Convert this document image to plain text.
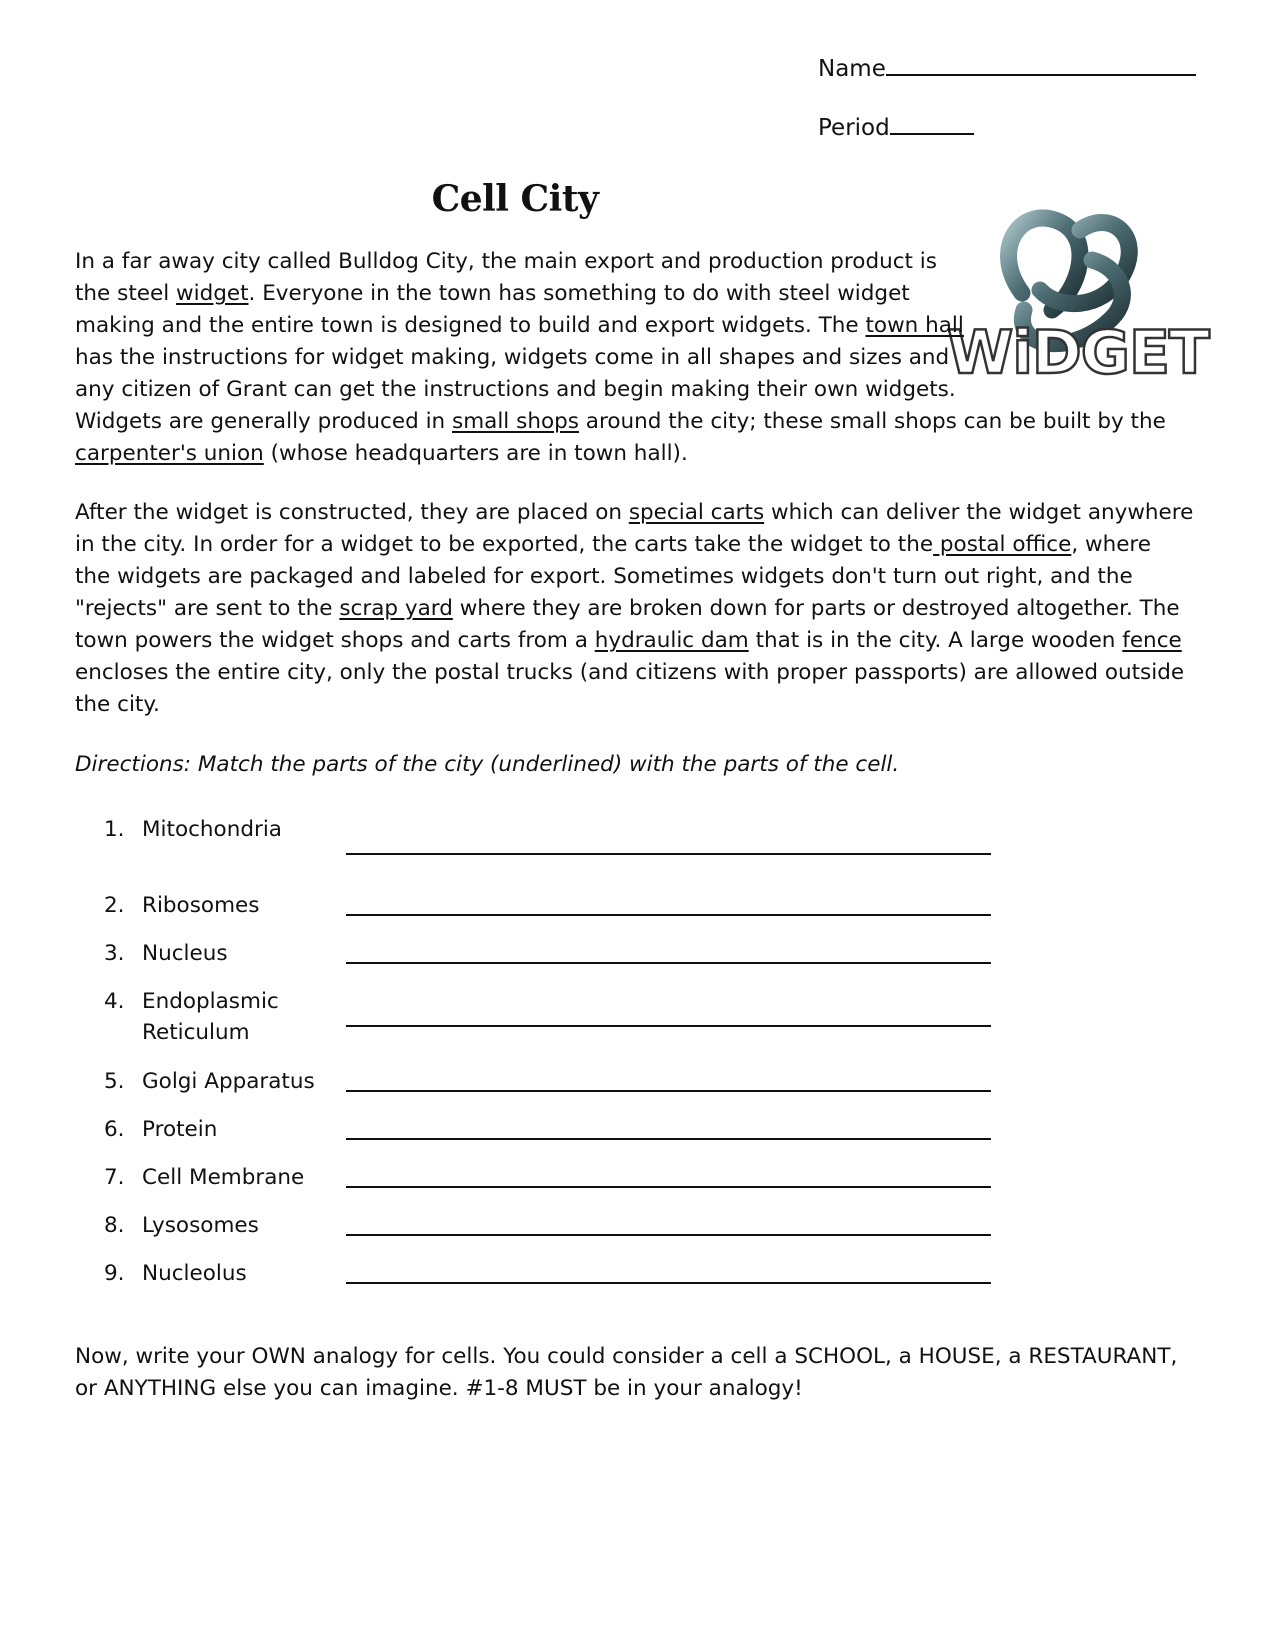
Name
Period
Cell City
WiDGET

In a far away city called Bulldog City, the main export and production product is

the steel widget. Everyone in the town has something to do with steel widget

making and the entire town is designed to build and export widgets. The town hall

has the instructions for widget making, widgets come in all shapes and sizes and

any citizen of Grant can get the instructions and begin making their own widgets.

Widgets are generally produced in small shops around the city; these small shops can be built by the

carpenter's union (whose headquarters are in town hall).

After the widget is constructed, they are placed on special carts which can deliver the widget anywhere

in the city. In order for a widget to be exported, the carts take the widget to the postal office, where

the widgets are packaged and labeled for export. Sometimes widgets don't turn out right, and the

"rejects" are sent to the scrap yard where they are broken down for parts or destroyed altogether. The

town powers the widget shops and carts from a hydraulic dam that is in the city. A large wooden fence

encloses the entire city, only the postal trucks (and citizens with proper passports) are allowed outside

the city.

Directions: Match the parts of the city (underlined) with the parts of the cell.
1. Mitochondria
2. Ribosomes
3. Nucleus
4. Endoplasmic
Reticulum
5. Golgi Apparatus
6. Protein
7. Cell Membrane
8. Lysosomes
9. Nucleolus

Now, write your OWN analogy for cells. You could consider a cell a SCHOOL, a HOUSE, a RESTAURANT,

or ANYTHING else you can imagine. #1-8 MUST be in your analogy!
